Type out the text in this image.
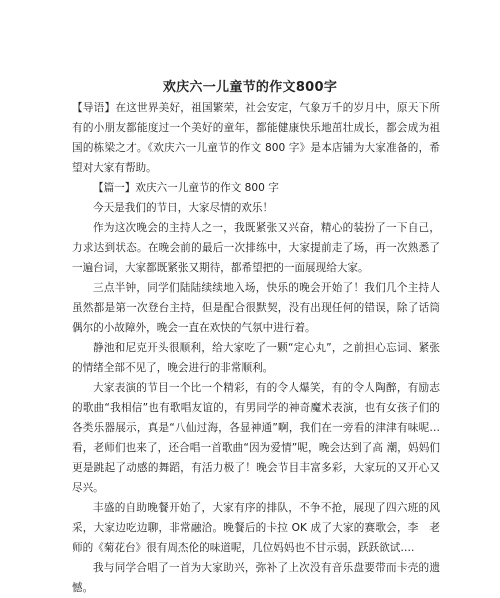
欢庆六一儿童节的作文800字

【导语】在这世界美好，祖国繁荣，社会安定，气象万千的岁月中，原天下所有的小朋友都能度过一个美好的童年，都能健康快乐地茁壮成长，都会成为祖国的栋梁之才。《欢庆六一儿童节的作文 800 字》是本店铺为大家准备的，希望对大家有帮助。

【篇一】欢庆六一儿童节的作文 800 字

今天是我们的节日，大家尽情的欢乐！

作为这次晚会的主持人之一，我既紧张又兴奋，精心的装扮了一下自己，力求达到状态。在晚会前的最后一次排练中，大家提前走了场，再一次熟悉了一遍台词，大家都既紧张又期待，都希望把的一面展现给大家。

三点半钟，同学们陆陆续续地入场，快乐的晚会开始了！我们几个主持人虽然都是第一次登台主持，但是配合很默契，没有出现任何的错误，除了话筒偶尔的小故障外，晚会一直在欢快的气氛中进行着。

静池和尼克开头很顺利，给大家吃了一颗“定心丸”，之前担心忘词、紧张的情绪全部不见了，晚会进行的非常顺利。

大家表演的节目一个比一个精彩，有的令人爆笑，有的令人陶醉，有励志的歌曲“我相信”也有歌唱友谊的，有男同学的神奇魔术表演，也有女孩子们的各类乐器展示，真是“八仙过海，各显神通”啊，我们在一旁看的津津有味呢…看，老师们也来了，还合唱一首歌曲“因为爱情”呢，晚会达到了高 潮，妈妈们更是跳起了动感的舞蹈，有活力极了！晚会节目丰富多彩，大家玩的又开心又尽兴。

丰盛的自助晚餐开始了，大家有序的排队，不争不抢，展现了四六班的风采，大家边吃边聊，非常融洽。晚餐后的卡拉 OK 成了大家的赛歌会，李　老师的《菊花台》很有周杰伦的味道呢，几位妈妈也不甘示弱，跃跃欲试….

我与同学合唱了一首为大家助兴，弥补了上次没有音乐盘要带而卡壳的遗憾。
